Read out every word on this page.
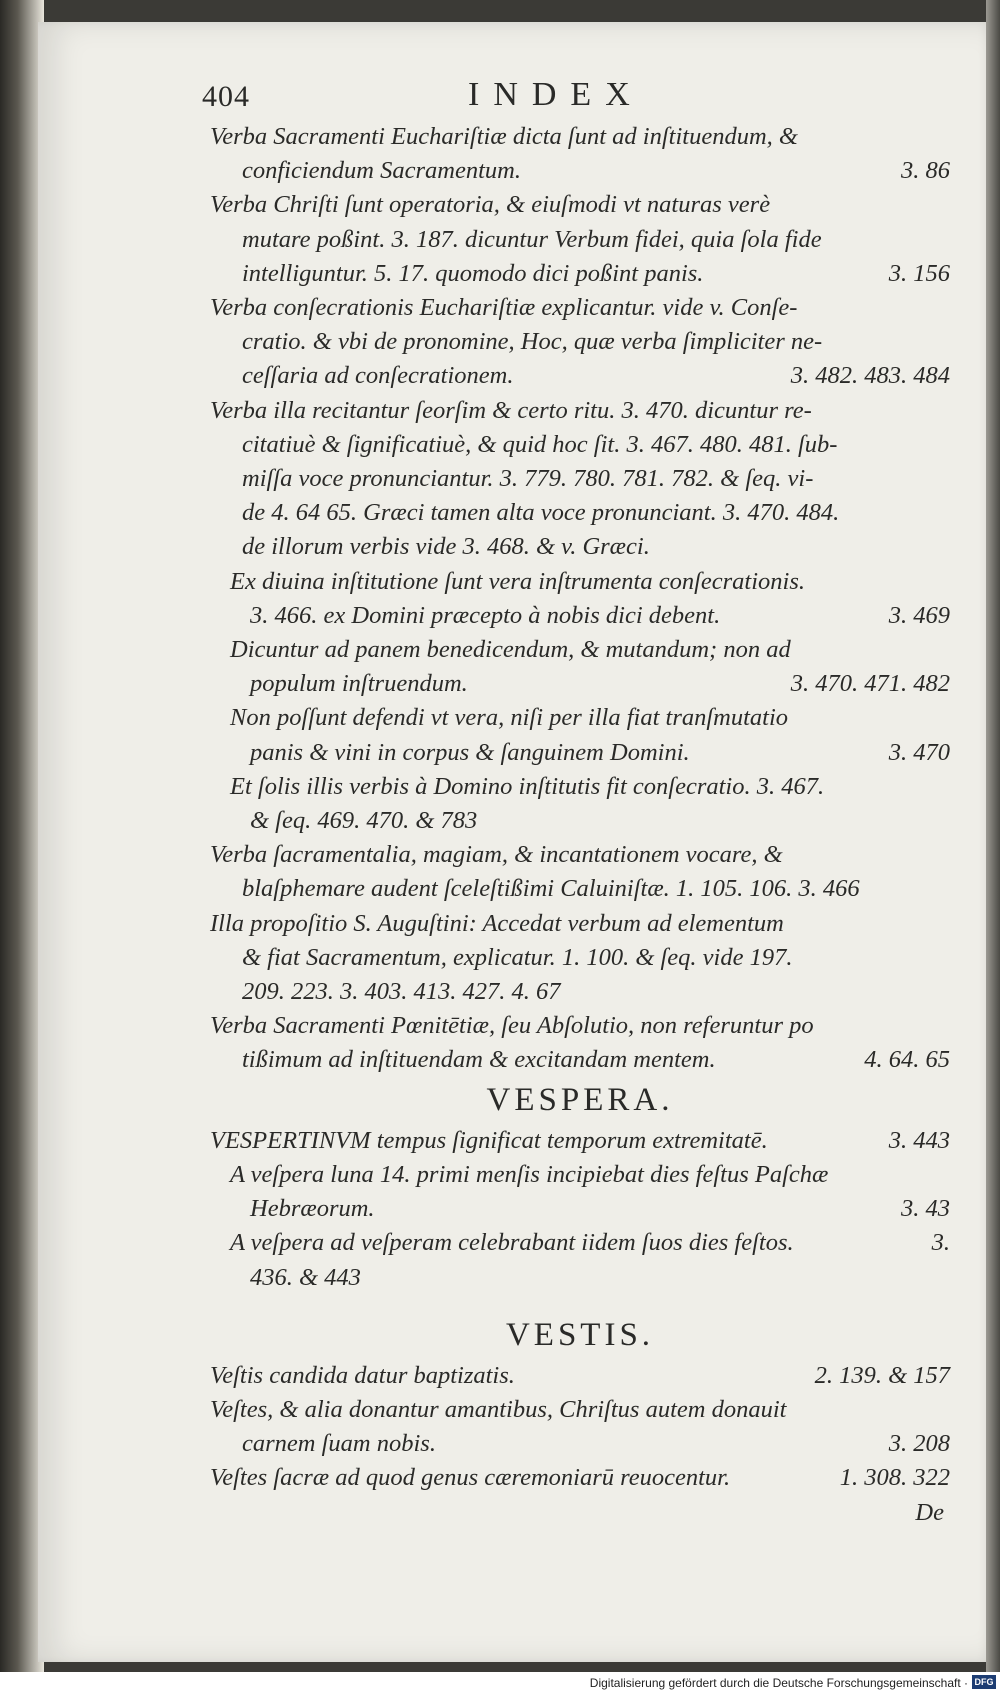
404	INDEX
Verba Sacramenti Euchariſtiæ dicta ſunt ad inſtituendum, &
conficiendum Sacramentum.	3. 86
Verba Chriſti ſunt operatoria, & eiuſmodi vt naturas verè
mutare poßint. 3. 187. dicuntur Verbum fidei, quia ſola fide
intelliguntur. 5. 17. quomodo dici poßint panis.	3. 156
Verba conſecrationis Euchariſtiæ explicantur. vide v. Conſe-
cratio. & vbi de pronomine, Hoc, quæ verba ſimpliciter ne-
ceſſaria ad conſecrationem.	3. 482. 483. 484
Verba illa recitantur ſeorſim & certo ritu. 3. 470. dicuntur re-
citatiuè & ſignificatiuè, & quid hoc ſit. 3. 467. 480. 481. ſub-
miſſa voce pronunciantur. 3. 779. 780. 781. 782. & ſeq. vi-
de 4. 64 65. Græci tamen alta voce pronunciant. 3. 470. 484.
de illorum verbis vide 3. 468. & v. Græci.
Ex diuina inſtitutione ſunt vera inſtrumenta conſecrationis.
3. 466. ex Domini præcepto à nobis dici debent.	3. 469
Dicuntur ad panem benedicendum, & mutandum; non ad
populum inſtruendum.	3. 470. 471. 482
Non poſſunt defendi vt vera, niſi per illa fiat tranſmutatio
panis & vini in corpus & ſanguinem Domini.	3. 470
Et ſolis illis verbis à Domino inſtitutis fit conſecratio. 3. 467.
& ſeq. 469. 470. & 783
Verba ſacramentalia, magiam, & incantationem vocare, &
blaſphemare audent ſceleſtißimi Caluiniſtæ. 1. 105. 106. 3. 466
Illa propoſitio S. Auguſtini: Accedat verbum ad elementum
& fiat Sacramentum, explicatur. 1. 100. & ſeq. vide 197.
209. 223. 3. 403. 413. 427. 4. 67
Verba Sacramenti Pœnitētiæ, ſeu Abſolutio, non referuntur po
tißimum ad inſtituendam & excitandam mentem.	4. 64. 65
VESPERA.
VESPERTINVM tempus ſignificat temporum extremitatē.	3. 443
A veſpera luna 14. primi menſis incipiebat dies feſtus Paſchæ
Hebræorum.	3. 43
A veſpera ad veſperam celebrabant iidem ſuos dies feſtos.	3.
436. & 443
VESTIS.
Veſtis candida datur baptizatis.	2. 139. & 157
Veſtes, & alia donantur amantibus, Chriſtus autem donauit
carnem ſuam nobis.	3. 208
Veſtes ſacræ ad quod genus cæremoniarū reuocentur.	1. 308. 322
De
Digitalisierung gefördert durch die Deutsche Forschungsgemeinschaft · DFG
